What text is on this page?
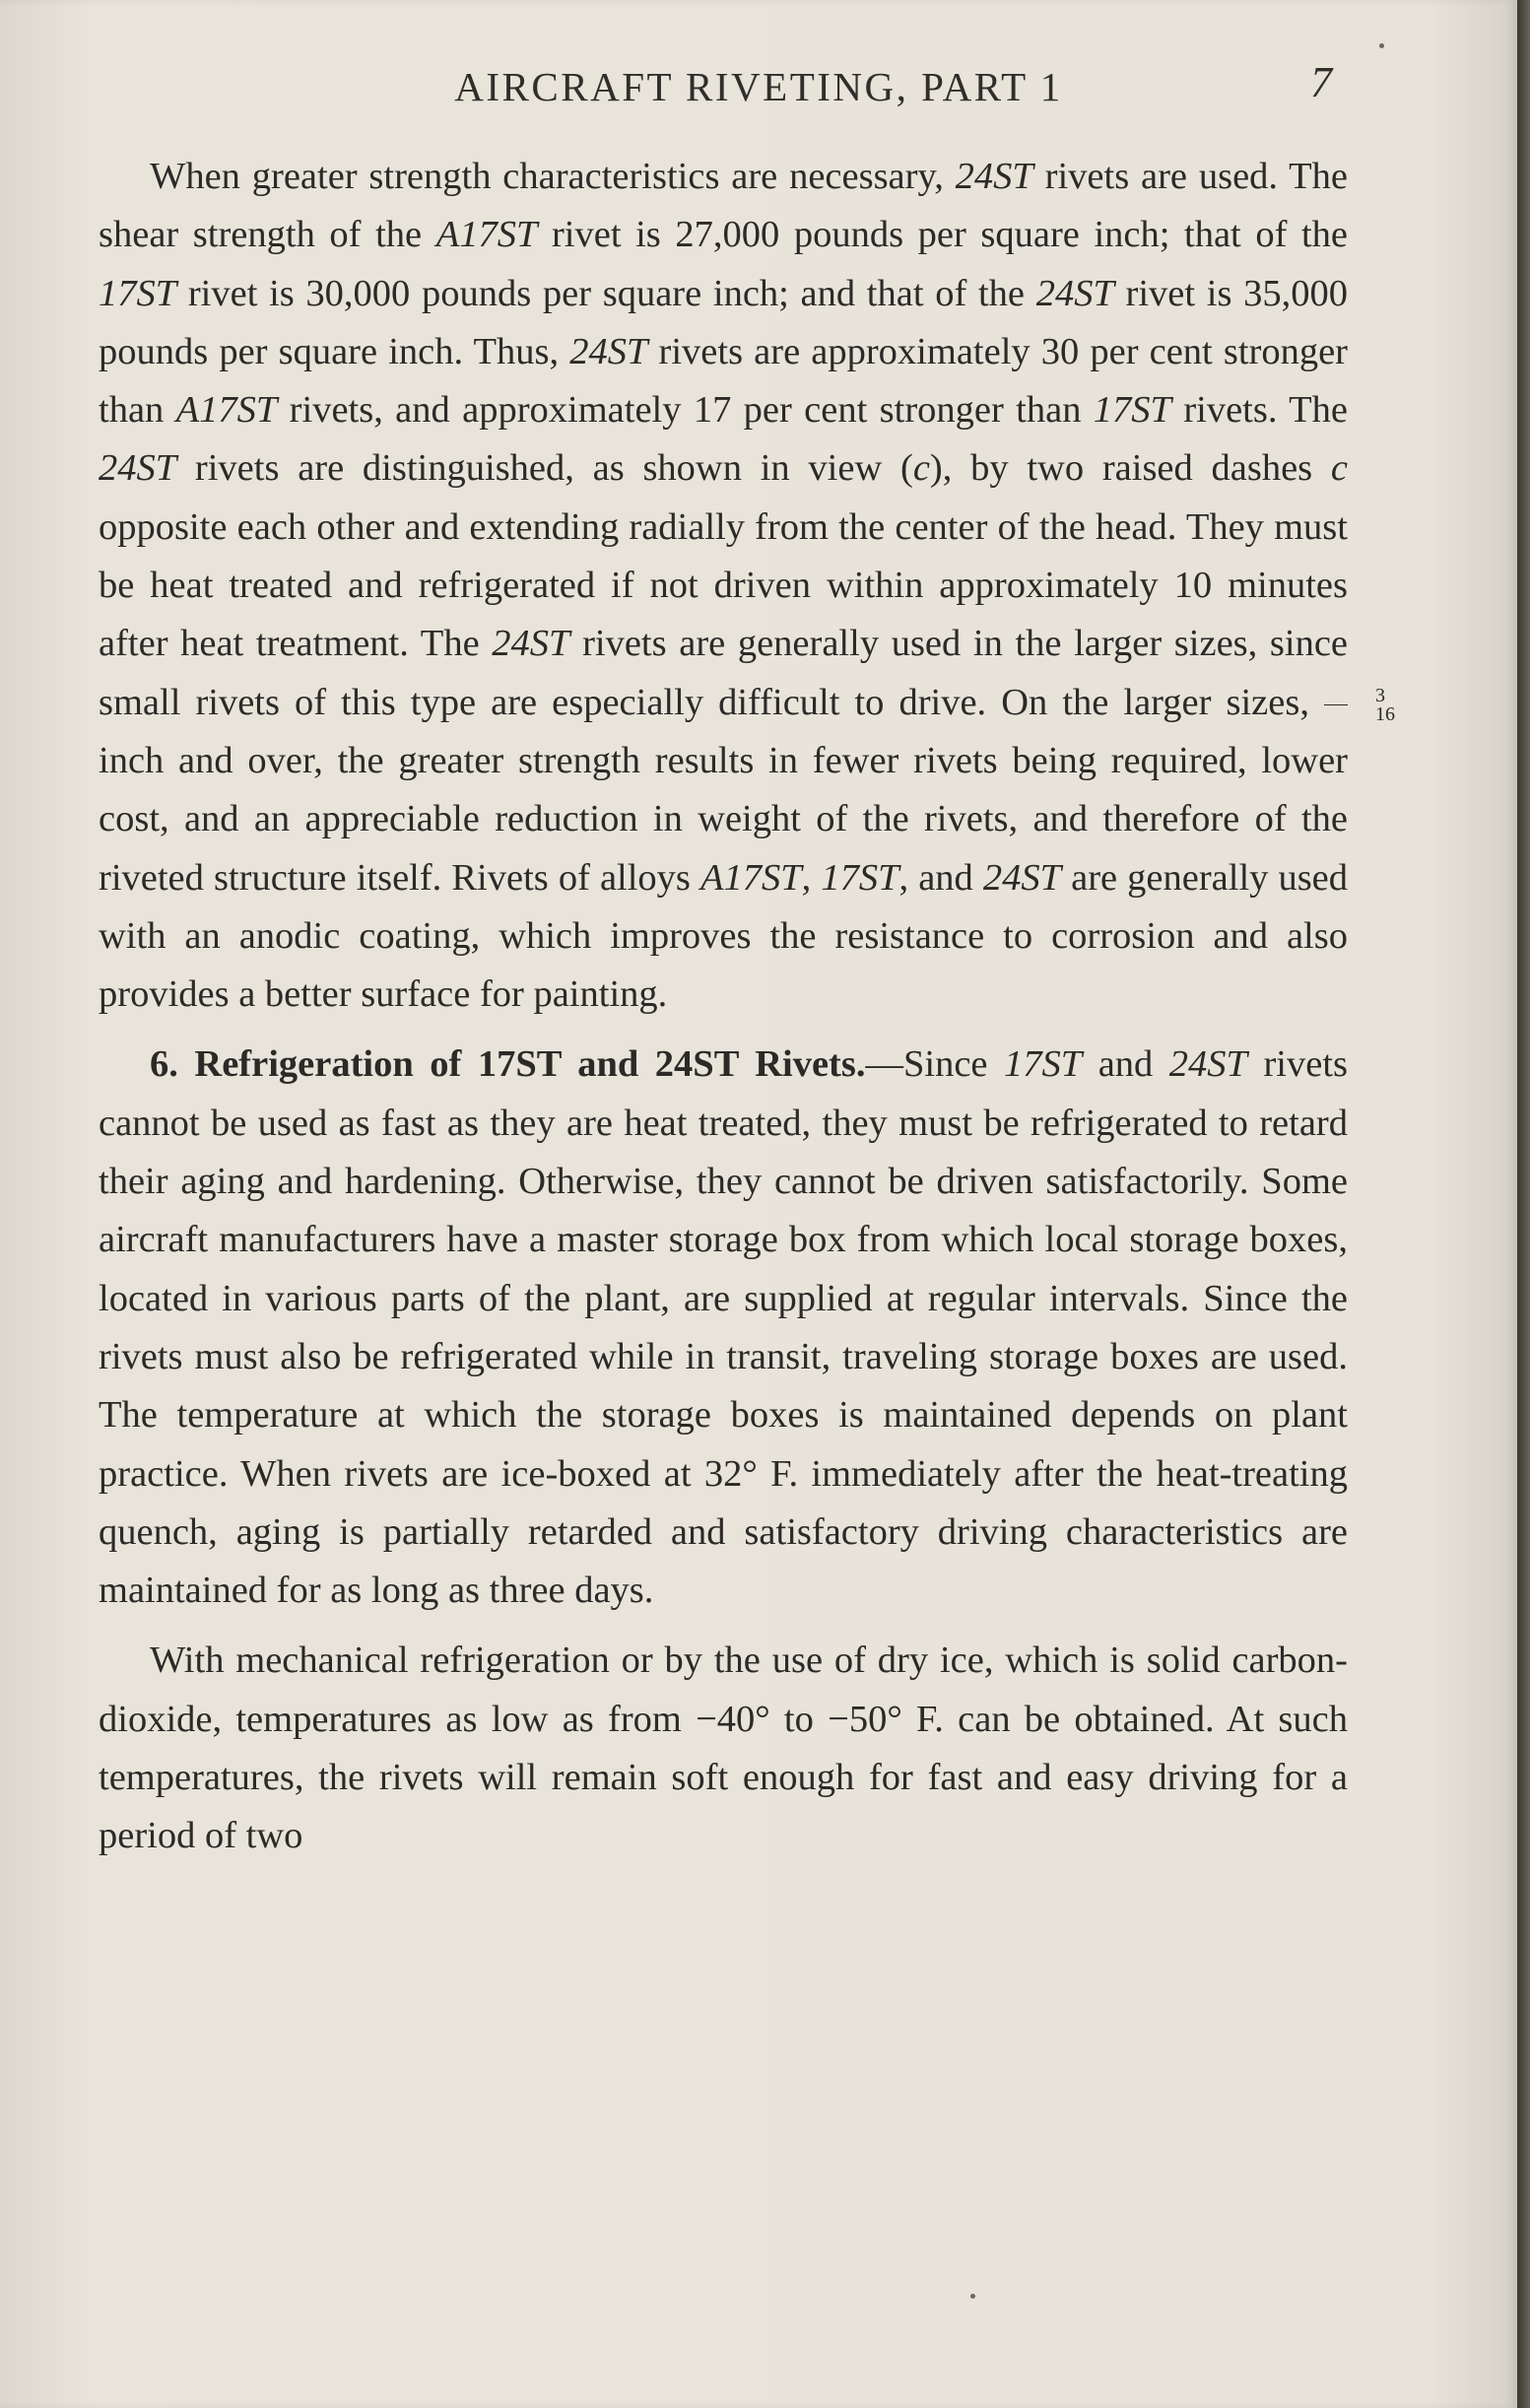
AIRCRAFT RIVETING, PART 1	7

When greater strength characteristics are necessary, 24ST rivets are used. The shear strength of the A17ST rivet is 27,000 pounds per square inch; that of the 17ST rivet is 30,000 pounds per square inch; and that of the 24ST rivet is 35,000 pounds per square inch. Thus, 24ST rivets are approximately 30 per cent stronger than A17ST rivets, and approximately 17 per cent stronger than 17ST rivets. The 24ST rivets are distinguished, as shown in view (c), by two raised dashes c opposite each other and extending radially from the center of the head. They must be heat treated and refrigerated if not driven within approximately 10 minutes after heat treatment. The 24ST rivets are generally used in the larger sizes, since small rivets of this type are especially difficult to drive. On the larger sizes, $\frac{3}{16}$
inch and over, the greater strength results in fewer rivets being required, lower cost, and an appreciable reduction in weight of the rivets, and therefore of the riveted structure itself. Rivets of alloys A17ST, 17ST, and 24ST are generally used with an anodic coating, which improves the resistance to corrosion and also provides a better surface for painting.

6. Refrigeration of 17ST and 24ST Rivets.—Since 17ST and 24ST rivets cannot be used as fast as they are heat treated, they must be refrigerated to retard their aging and hardening. Otherwise, they cannot be driven satisfactorily. Some aircraft manufacturers have a master storage box from which local storage boxes, located in various parts of the plant, are supplied at regular intervals. Since the rivets must also be refrigerated while in transit, traveling storage boxes are used. The temperature at which the storage boxes is maintained depends on plant practice. When rivets are ice-boxed at 32° F. immediately after the heat-treating quench, aging is partially retarded and satisfactory driving characteristics are maintained for as long as three days.

With mechanical refrigeration or by the use of dry ice, which is solid carbon-dioxide, temperatures as low as from −40° to −50° F. can be obtained. At such temperatures, the rivets will remain soft enough for fast and easy driving for a period of two
